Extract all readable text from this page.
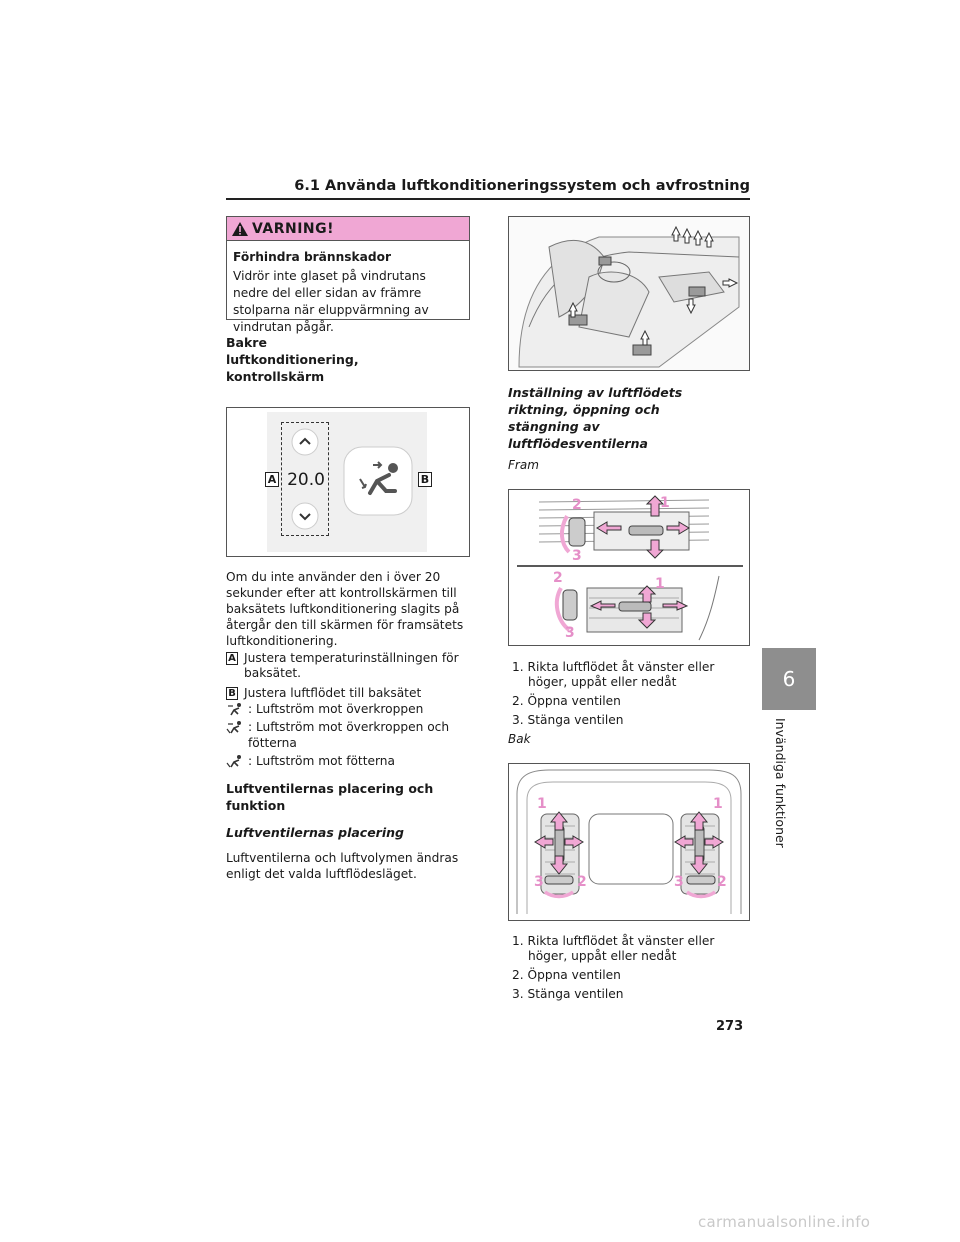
6.1 Använda luftkonditioneringssystem och avfrostning
VARNING!
Förhindra brännskador
Vidrör inte glaset på vindrutans nedre del eller sidan av främre stolparna när eluppvärmning av vindrutan pågår.
Bakre luftkonditionering, kontrollskärm
20.0
A	B
Om du inte använder den i över 20 sekunder efter att kontrollskärmen till baksätets luftkonditionering slagits på återgår den till skärmen för framsätets luftkonditionering.
A Justera temperaturinställningen för baksätet.
B Justera luftflödet till baksätet
: Luftström mot överkroppen
: Luftström mot överkroppen och fötterna
: Luftström mot fötterna
Luftventilernas placering och funktion
Luftventilernas placering
Luftventilerna och luftvolymen ändras enligt det valda luftflödesläget.
Inställning av luftflödets riktning, öppning och stängning av luftflödesventilerna
Fram
2	1
3
2	1
3
1. Rikta luftflödet åt vänster eller höger, uppåt eller nedåt
2. Öppna ventilen
3. Stänga ventilen
Bak
1	1
3 2	3 2
1. Rikta luftflödet åt vänster eller höger, uppåt eller nedåt
2. Öppna ventilen
3. Stänga ventilen
6
Invändiga funktioner
273
carmanualsonline.info
